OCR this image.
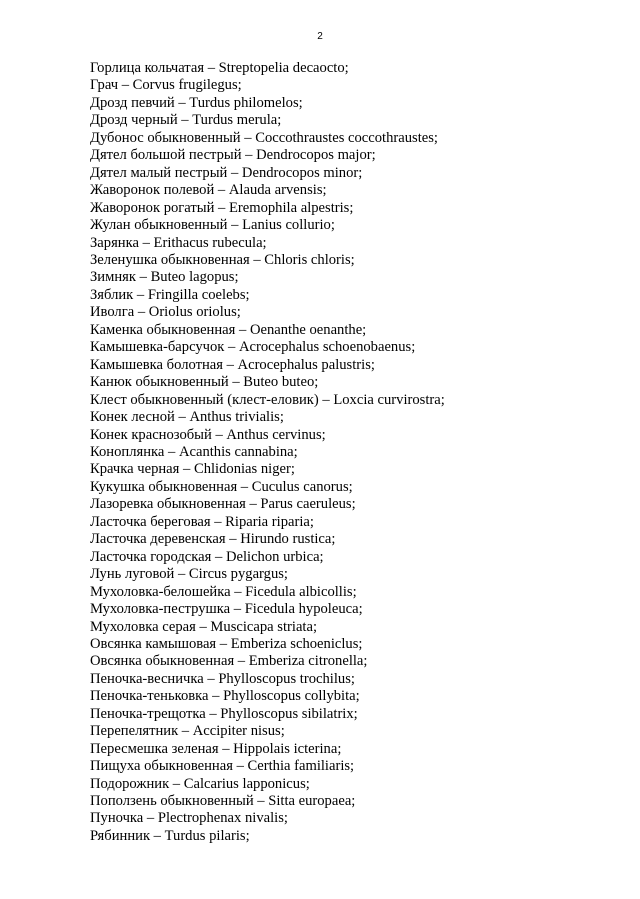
2
Горлица кольчатая – Streptopelia decaocto;
Грач – Corvus frugilegus;
Дрозд певчий – Turdus philomelos;
Дрозд черный – Turdus merula;
Дубонос обыкновенный – Coccothraustes coccothraustes;
Дятел большой пестрый – Dendrocopos major;
Дятел малый пестрый – Dendrocopos minor;
Жаворонок полевой – Alauda arvensis;
Жаворонок рогатый – Eremophila alpestris;
Жулан обыкновенный – Lanius collurio;
Зарянка – Erithacus rubecula;
Зеленушка обыкновенная – Chloris chloris;
Зимняк – Buteo lagopus;
Зяблик – Fringilla coelebs;
Иволга – Oriolus oriolus;
Каменка обыкновенная – Oenanthe oenanthe;
Камышевка-барсучок – Acrocephalus schoenobaenus;
Камышевка болотная – Acrocephalus palustris;
Канюк обыкновенный – Buteo buteo;
Клест обыкновенный (клест-еловик) – Loxcia curvirostra;
Конек лесной – Anthus trivialis;
Конек краснозобый – Anthus cervinus;
Коноплянка – Acanthis cannabina;
Крачка черная – Chlidonias niger;
Кукушка обыкновенная – Cuculus canorus;
Лазоревка обыкновенная – Parus caeruleus;
Ласточка береговая – Riparia riparia;
Ласточка деревенская – Hirundo rustica;
Ласточка городская – Delichon urbica;
Лунь луговой – Circus pygargus;
Мухоловка-белошейка – Ficedula albicollis;
Мухоловка-пеструшка – Ficedula hypoleuca;
Мухоловка серая – Muscicapa striata;
Овсянка камышовая – Emberiza schoeniclus;
Овсянка обыкновенная – Emberiza citronella;
Пеночка-весничка – Phylloscopus trochilus;
Пеночка-теньковка – Phylloscopus collybita;
Пеночка-трещотка – Phylloscopus sibilatrix;
Перепелятник – Accipiter nisus;
Пересмешка зеленая – Hippolais icterina;
Пищуха обыкновенная – Certhia familiaris;
Подорожник – Calcarius lapponicus;
Поползень обыкновенный – Sitta europaea;
Пуночка – Plectrophenax nivalis;
Рябинник – Turdus pilaris;
